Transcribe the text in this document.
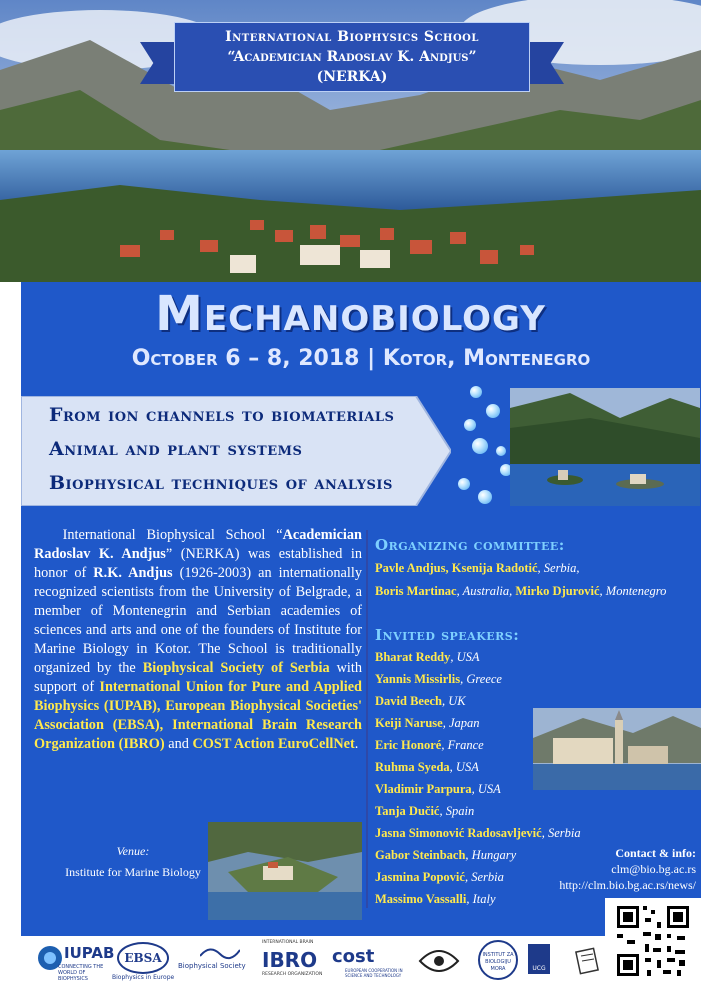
International Biophysics School
“Academician Radoslav K. Andjus”
(NERKA)
Mechanobiology
October 6 – 8, 2018 | Kotor, Montenegro
From ion channels to biomaterials
Animal and plant systems
Biophysical techniques of analysis
  International Biophysical School “Academician Radoslav K. Andjus” (NERKA) was established in honor of R.K. Andjus (1926-2003) an internationally recognized scientists from the University of Belgrade, a member of Montenegrin and Serbian academies of sciences and arts and one of the founders of Institute for Marine Biology in Kotor. The School is traditionally organized by the Biophysical Society of Serbia with support of International Union for Pure and Applied Biophysics (IUPAB), European Biophysical Societies' Association (EBSA), International Brain Research Organization (IBRO) and COST Action EuroCellNet.
Venue:
Institute for Marine Biology
Organizing committee:
Pavle Andjus, Ksenija Radotić, Serbia,
Boris Martinac, Australia, Mirko Djurović, Montenegro
Invited speakers:
Bharat Reddy, USA
Yannis Missirlis, Greece
David Beech, UK
Keiji Naruse, Japan
Eric Honoré, France
Ruhma Syeda, USA
Vladimir Parpura, USA
Tanja Dučić, Spain
Jasna Simonović Radosavljević, Serbia
Gabor Steinbach, Hungary
Jasmina Popović, Serbia
Massimo Vassalli, Italy
Contact & info:
clm@bio.bg.ac.rs
http://clm.bio.bg.ac.rs/news/
IUPAB
CONNECTING THE WORLD OF BIOPHYSICS
EBSA
Biophysics in Europe
Biophysical Society
INTERNATIONAL BRAIN
IBRO
RESEARCH ORGANIZATION
cost
EUROPEAN COOPERATION IN SCIENCE AND TECHNOLOGY
INSTITUT ZA BIOLOGIJU MORA	UCG
